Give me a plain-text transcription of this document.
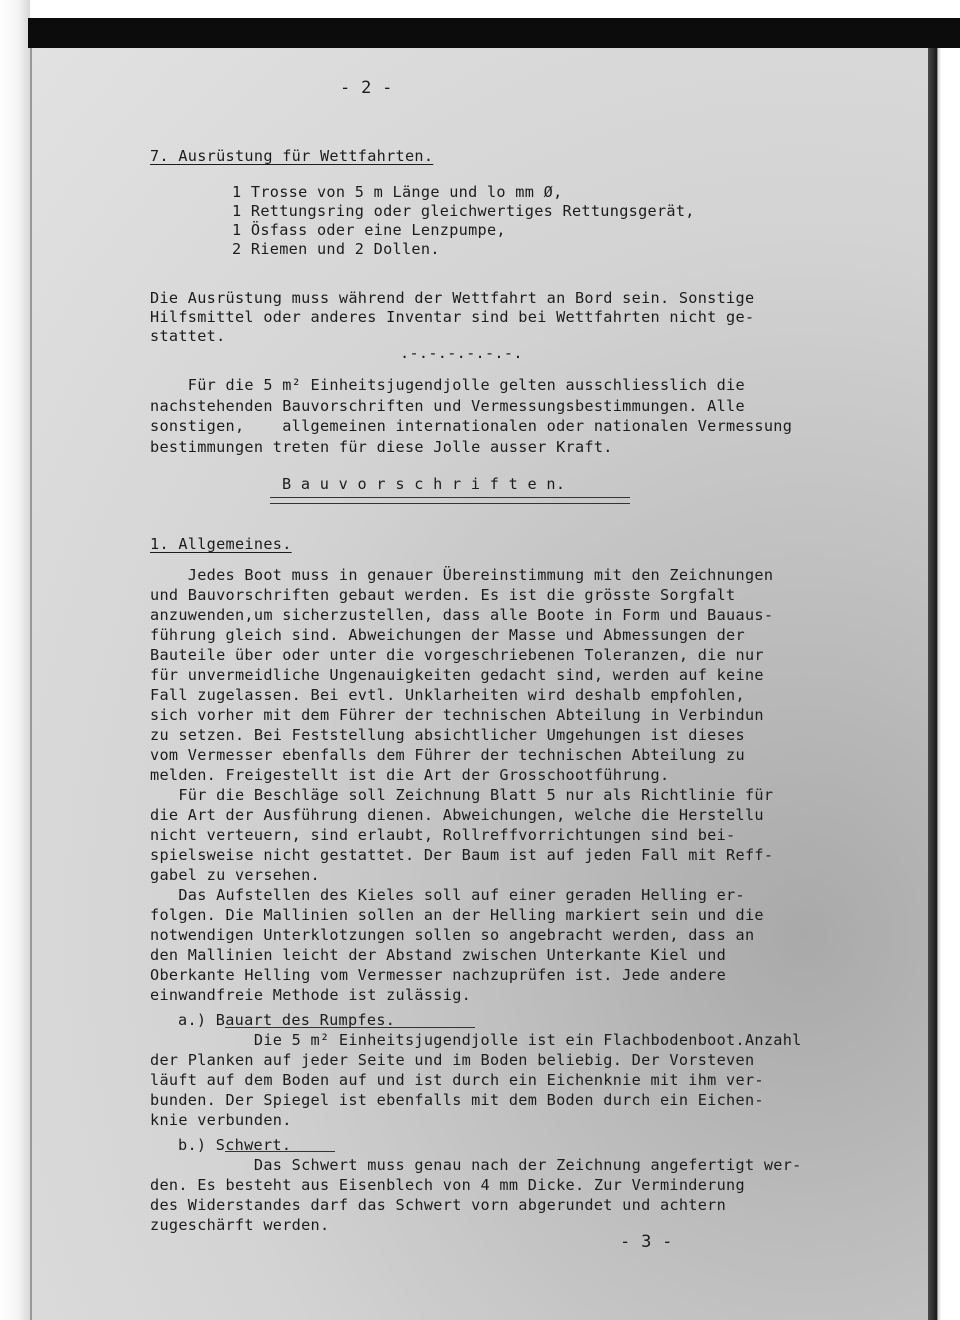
- 2 -

7. Ausrüstung für Wettfahrten.

1 Trosse von 5 m Länge und lo mm Ø,

1 Rettungsring oder gleichwertiges Rettungsgerät,

1 Ösfass oder eine Lenzpumpe,

2 Riemen und 2 Dollen.

Die Ausrüstung muss während der Wettfahrt an Bord sein. Sonstige

Hilfsmittel oder anderes Inventar sind bei Wettfahrten nicht ge-

stattet.

.-.-.-.-.-.-.

Für die 5 m² Einheitsjugendjolle gelten ausschliesslich die

nachstehenden Bauvorschriften und Vermessungsbestimmungen. Alle

sonstigen,    allgemeinen internationalen oder nationalen Vermessung

bestimmungen treten für diese Jolle ausser Kraft.

B a u v o r s c h r i f t e n.

1. Allgemeines.

Jedes Boot muss in genauer Übereinstimmung mit den Zeichnungen

und Bauvorschriften gebaut werden. Es ist die grösste Sorgfalt

anzuwenden,um sicherzustellen, dass alle Boote in Form und Bauaus-

führung gleich sind. Abweichungen der Masse und Abmessungen der

Bauteile über oder unter die vorgeschriebenen Toleranzen, die nur

für unvermeidliche Ungenauigkeiten gedacht sind, werden auf keine

Fall zugelassen. Bei evtl. Unklarheiten wird deshalb empfohlen,

sich vorher mit dem Führer der technischen Abteilung in Verbindun

zu setzen. Bei Feststellung absichtlicher Umgehungen ist dieses

vom Vermesser ebenfalls dem Führer der technischen Abteilung zu

melden. Freigestellt ist die Art der Grosschootführung.

Für die Beschläge soll Zeichnung Blatt 5 nur als Richtlinie für

die Art der Ausführung dienen. Abweichungen, welche die Herstellu

nicht verteuern, sind erlaubt, Rollreffvorrichtungen sind bei-

spielsweise nicht gestattet. Der Baum ist auf jeden Fall mit Reff-

gabel zu versehen.

Das Aufstellen des Kieles soll auf einer geraden Helling er-

folgen. Die Mallinien sollen an der Helling markiert sein und die

notwendigen Unterklotzungen sollen so angebracht werden, dass an

den Mallinien leicht der Abstand zwischen Unterkante Kiel und

Oberkante Helling vom Vermesser nachzuprüfen ist. Jede andere

einwandfreie Methode ist zulässig.

a.) Bauart des Rumpfes.

Die 5 m² Einheitsjugendjolle ist ein Flachbodenboot.Anzahl

der Planken auf jeder Seite und im Boden beliebig. Der Vorsteven

läuft auf dem Boden auf und ist durch ein Eichenknie mit ihm ver-

bunden. Der Spiegel ist ebenfalls mit dem Boden durch ein Eichen-

knie verbunden.

b.) Schwert.

Das Schwert muss genau nach der Zeichnung angefertigt wer-

den. Es besteht aus Eisenblech von 4 mm Dicke. Zur Verminderung

des Widerstandes darf das Schwert vorn abgerundet und achtern

zugeschärft werden.

- 3 -
